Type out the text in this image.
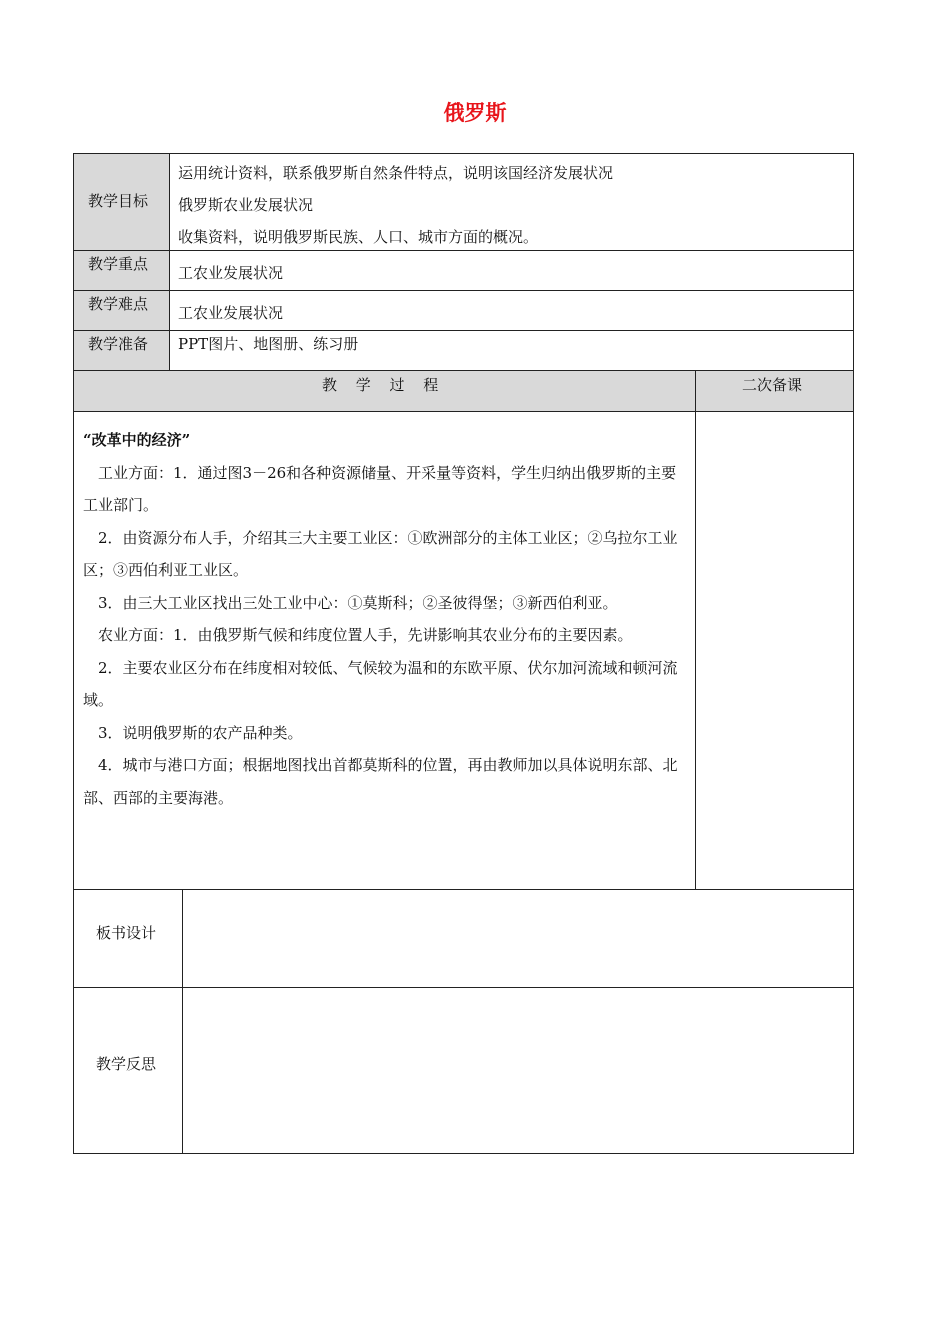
俄罗斯
教学目标
运用统计资料，联系俄罗斯自然条件特点，说明该国经济发展状况
俄罗斯农业发展状况
收集资料，说明俄罗斯民族、人口、城市方面的概况。
教学重点 工农业发展状况
教学难点 工农业发展状况
教学准备 PPT图片、地图册、练习册
教 学 过 程	二次备课

“改革中的经济”

工业方面：1．通过图3－26和各种资源储量、开采量等资料，学生归纳出俄罗斯的主要工业部门。

2．由资源分布人手，介绍其三大主要工业区：①欧洲部分的主体工业区；②乌拉尔工业区；③西伯利亚工业区。

3．由三大工业区找出三处工业中心：①莫斯科；②圣彼得堡；③新西伯利亚。

农业方面：1．由俄罗斯气候和纬度位置人手，先讲影响其农业分布的主要因素。

2．主要农业区分布在纬度相对较低、气候较为温和的东欧平原、伏尔加河流域和顿河流域。

3．说明俄罗斯的农产品种类。

4．城市与港口方面；根据地图找出首都莫斯科的位置，再由教师加以具体说明东部、北部、西部的主要海港。

板书设计
教学反思
